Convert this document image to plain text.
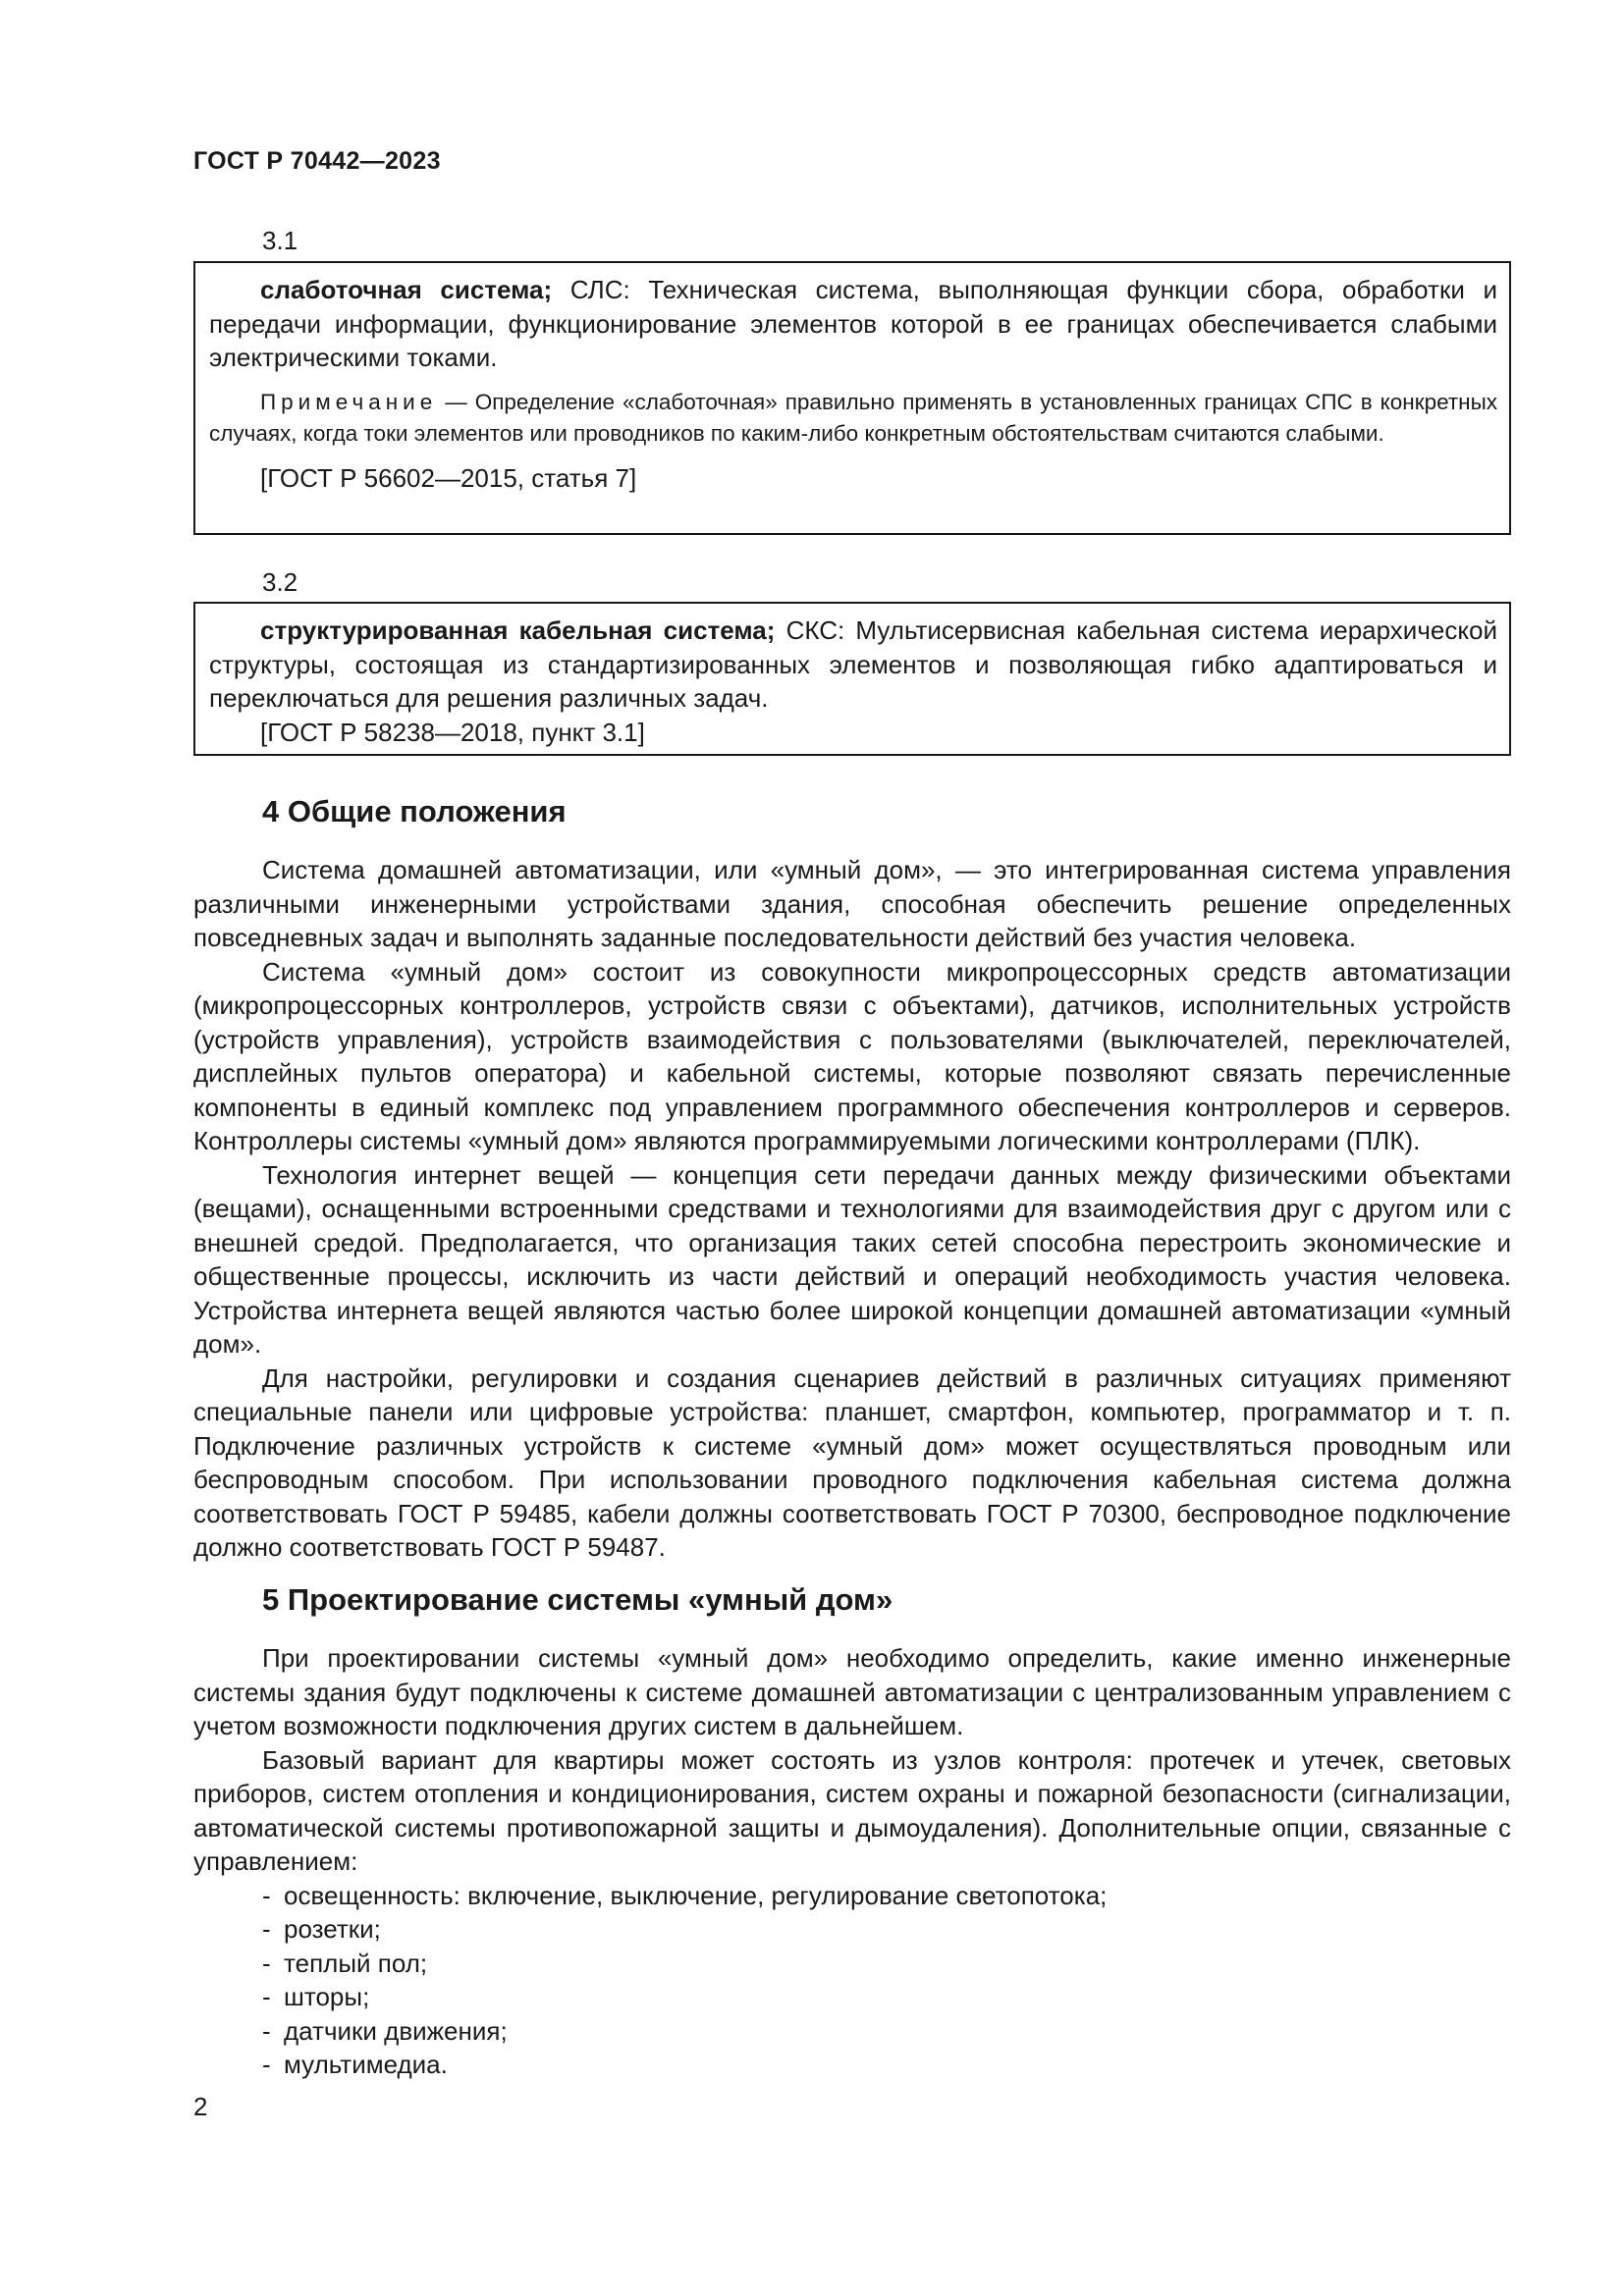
ГОСТ Р 70442—2023
3.1

слаботочная система; СЛС: Техническая система, выполняющая функции сбора, обработки и передачи информации, функционирование элементов которой в ее границах обеспечивается слабыми электрическими токами.

Примечание — Определение «слаботочная» правильно применять в установленных границах СПС в конкретных случаях, когда токи элементов или проводников по каким-либо конкретным обстоятельствам считаются слабыми.

[ГОСТ Р 56602—2015, статья 7]

3.2

структурированная кабельная система; СКС: Мультисервисная кабельная система иерархической структуры, состоящая из стандартизированных элементов и позволяющая гибко адаптироваться и переключаться для решения различных задач.

[ГОСТ Р 58238—2018, пункт 3.1]

4 Общие положения

Система домашней автоматизации, или «умный дом», — это интегрированная система управления различными инженерными устройствами здания, способная обеспечить решение определенных повседневных задач и выполнять заданные последовательности действий без участия человека.

Система «умный дом» состоит из совокупности микропроцессорных средств автоматизации (микропроцессорных контроллеров, устройств связи с объектами), датчиков, исполнительных устройств (устройств управления), устройств взаимодействия с пользователями (выключателей, переключателей, дисплейных пультов оператора) и кабельной системы, которые позволяют связать перечисленные компоненты в единый комплекс под управлением программного обеспечения контроллеров и серверов. Контроллеры системы «умный дом» являются программируемыми логическими контроллерами (ПЛК).

Технология интернет вещей — концепция сети передачи данных между физическими объектами (вещами), оснащенными встроенными средствами и технологиями для взаимодействия друг с другом или с внешней средой. Предполагается, что организация таких сетей способна перестроить экономические и общественные процессы, исключить из части действий и операций необходимость участия человека. Устройства интернета вещей являются частью более широкой концепции домашней автоматизации «умный дом».

Для настройки, регулировки и создания сценариев действий в различных ситуациях применяют специальные панели или цифровые устройства: планшет, смартфон, компьютер, программатор и т. п. Подключение различных устройств к системе «умный дом» может осуществляться проводным или беспроводным способом. При использовании проводного подключения кабельная система должна соответствовать ГОСТ Р 59485, кабели должны соответствовать ГОСТ Р 70300, беспроводное подключение должно соответствовать ГОСТ Р 59487.

5 Проектирование системы «умный дом»

При проектировании системы «умный дом» необходимо определить, какие именно инженерные системы здания будут подключены к системе домашней автоматизации с централизованным управлением с учетом возможности подключения других систем в дальнейшем.

Базовый вариант для квартиры может состоять из узлов контроля: протечек и утечек, световых приборов, систем отопления и кондиционирования, систем охраны и пожарной безопасности (сигнализации, автоматической системы противопожарной защиты и дымоудаления). Дополнительные опции, связанные с управлением:

- освещенность: включение, выключение, регулирование светопотока;
- розетки;
- теплый пол;
- шторы;
- датчики движения;
- мультимедиа.
2
